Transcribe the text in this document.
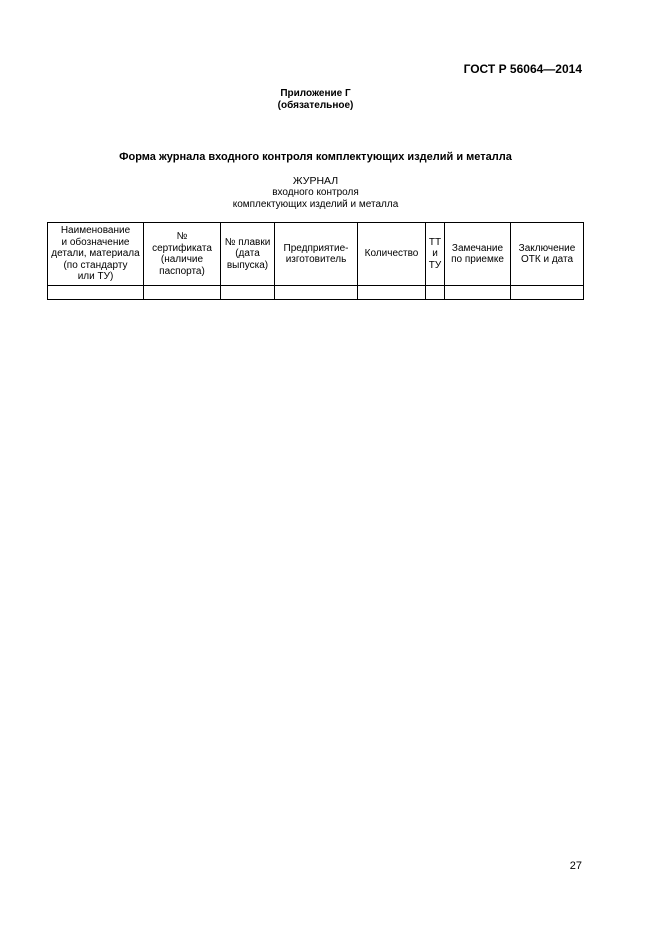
ГОСТ Р 56064—2014
Приложение Г
(обязательное)
Форма журнала входного контроля комплектующих изделий и металла
ЖУРНАЛ
входного контроля
комплектующих изделий и металла
Наименование
и обозначение
детали, материала
(по стандарту
или ТУ)	№
сертификата
(наличие
паспорта)	№ плавки
(дата
выпуска)	Предприятие-
изготовитель	Количество	ТТ
и
ТУ	Замечание
по приемке	Заключение
ОТК и дата

27
